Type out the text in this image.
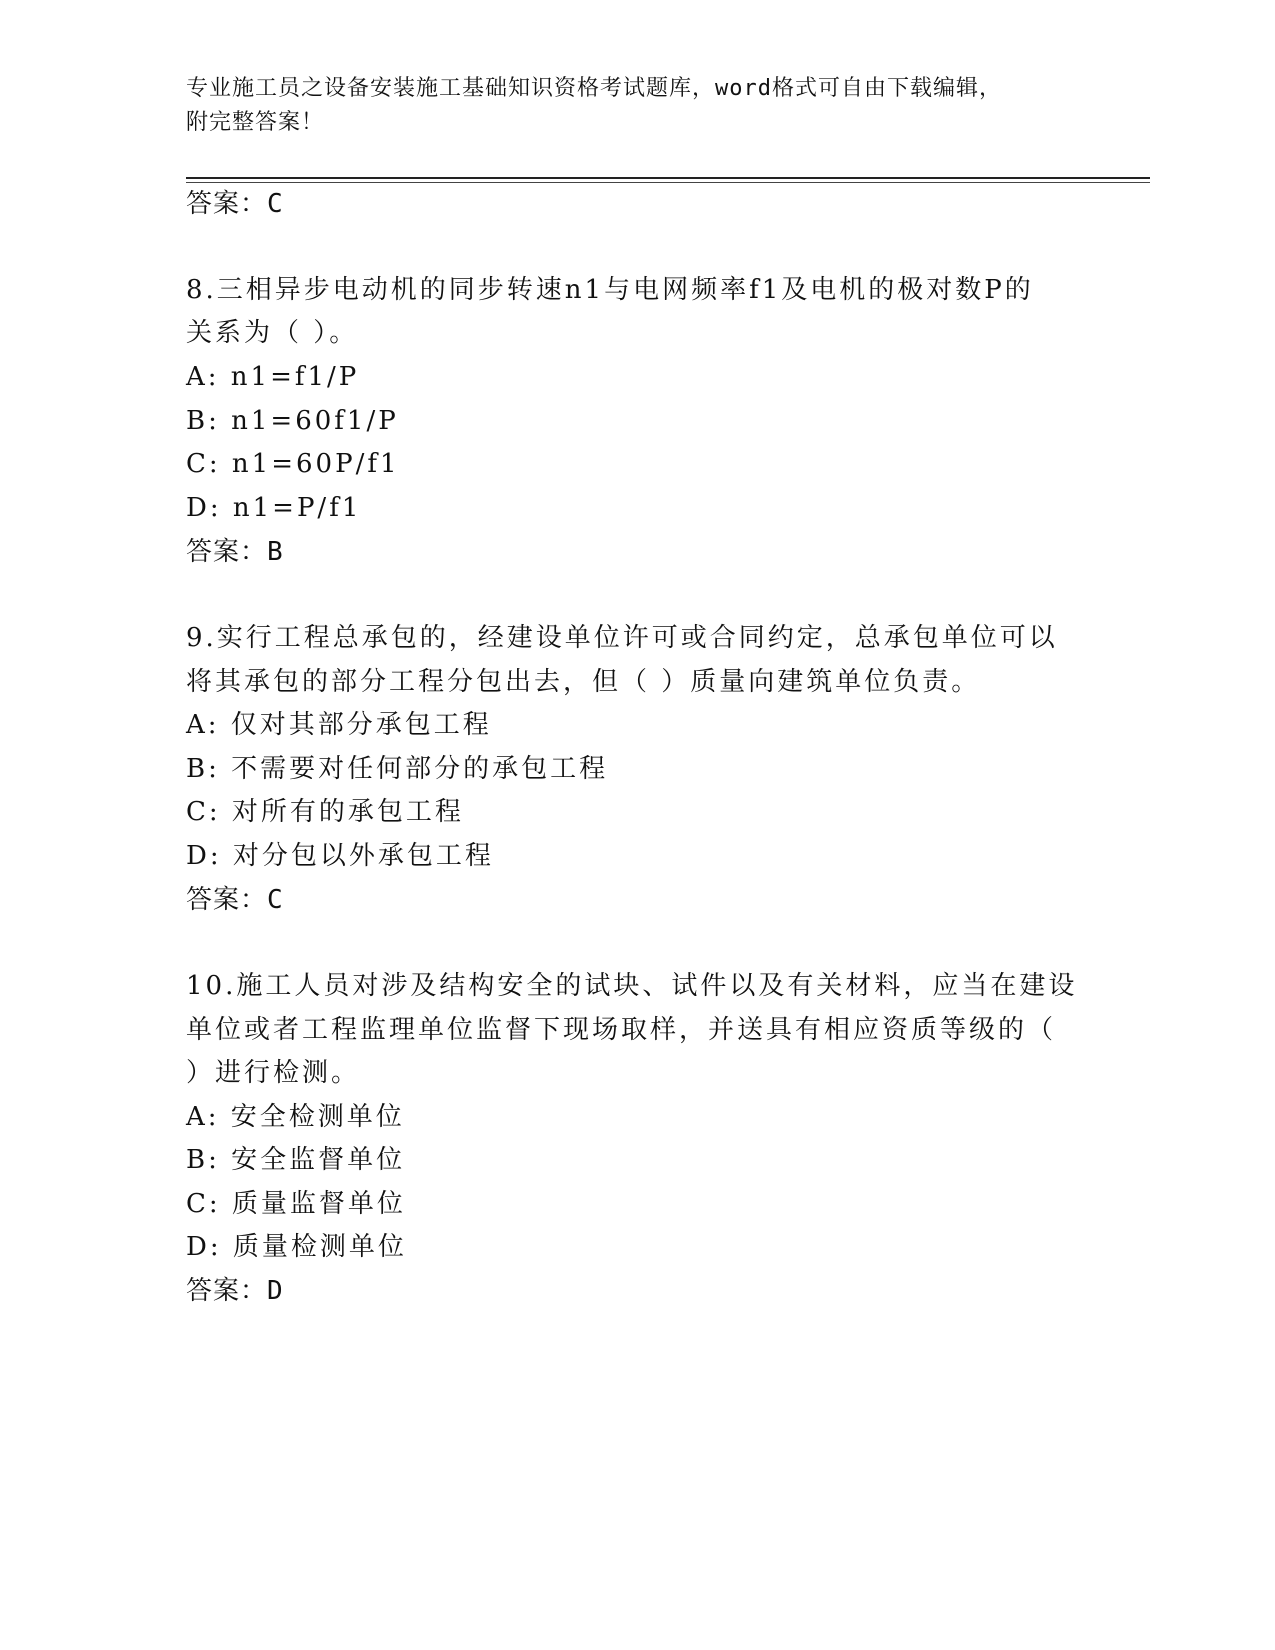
专业施工员之设备安装施工基础知识资格考试题库，word格式可自由下载编辑，
附完整答案！
答案：C
8.三相异步电动机的同步转速n1与电网频率f1及电机的极对数P的
关系为（ ）。
A: n1=f1/P
B: n1=60f1/P
C: n1=60P/f1
D: n1=P/f1
答案：B
9.实行工程总承包的，经建设单位许可或合同约定，总承包单位可以
将其承包的部分工程分包出去，但（ ）质量向建筑单位负责。
A: 仅对其部分承包工程
B: 不需要对任何部分的承包工程
C: 对所有的承包工程
D: 对分包以外承包工程
答案：C
10.施工人员对涉及结构安全的试块、试件以及有关材料，应当在建设
单位或者工程监理单位监督下现场取样，并送具有相应资质等级的（
）进行检测。
A: 安全检测单位
B: 安全监督单位
C: 质量监督单位
D: 质量检测单位
答案：D
